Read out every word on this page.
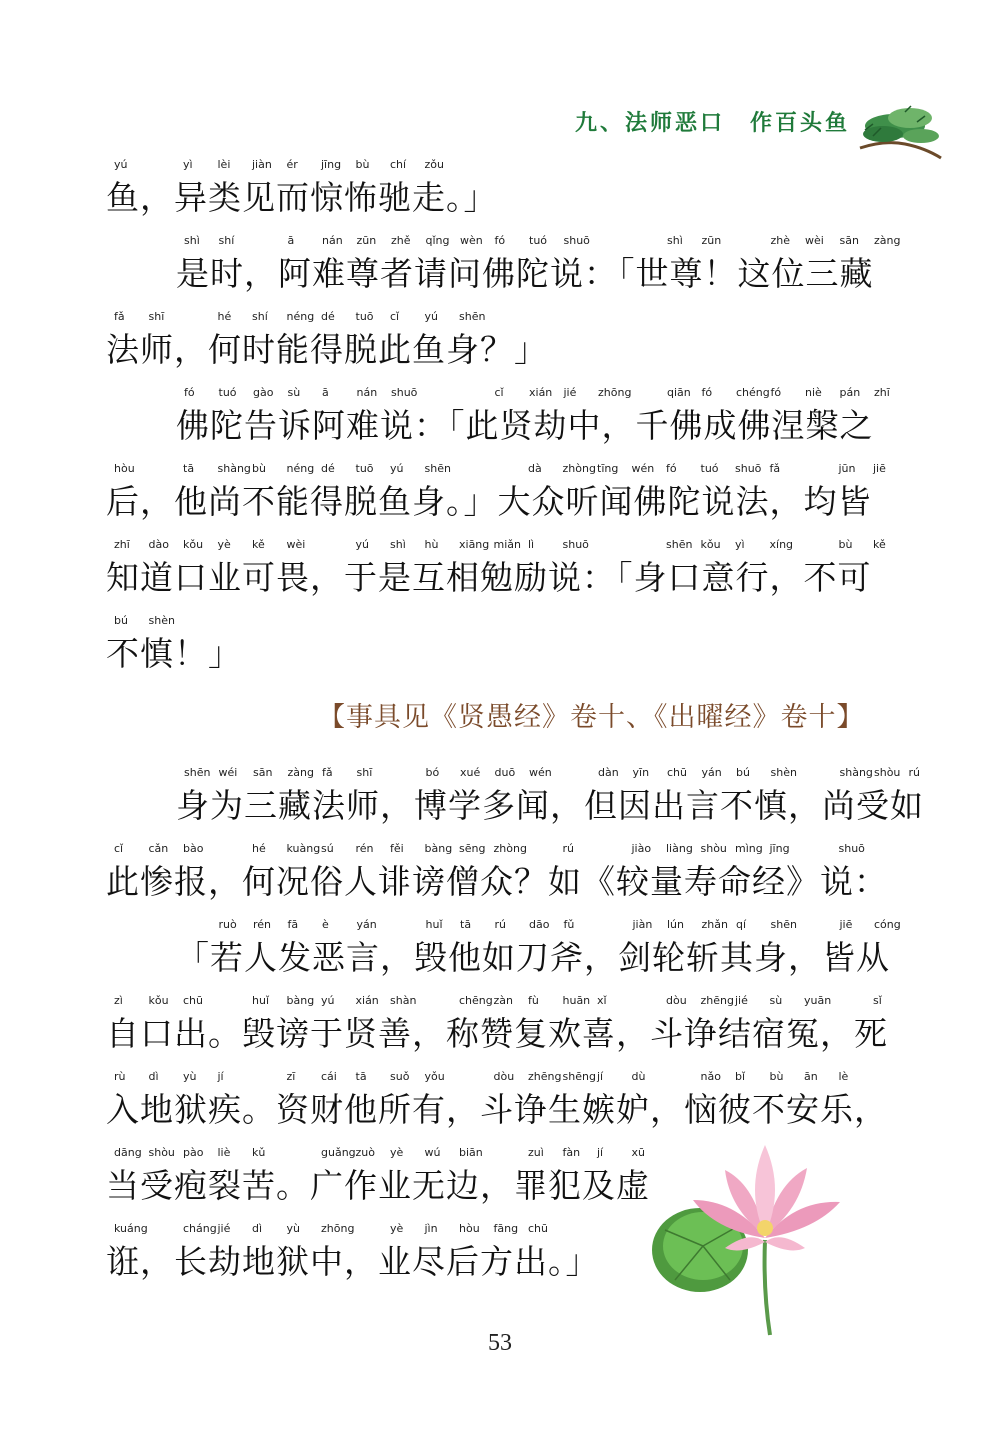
九、法师恶口　作百头鱼
鱼，异类见而惊怖驰走。」
yú	yì lèi jiàn ér jīng bù chí zǒu
是时，阿难尊者请问佛陀说：「世尊！这位三藏
shì shí	ā	nán zūn zhě qǐng wèn fó tuó shuō	shì zūn	zhè wèi sān zàng
法师，何时能得脱此鱼身？」
fǎ shī	hé shí néng dé tuō cǐ yú shēn
佛陀告诉阿难说：「此贤劫中，千佛成佛涅槃之
fó tuó gào sù ā	nán shuō	cǐ xián jié zhōng	qiān fó chéng fó niè pán zhī
后，他尚不能得脱鱼身。」大众听闻佛陀说法，均皆
hòu	tā shàng bù néng dé tuō yú shēn	dà zhòng tīng wén fó tuó shuō fǎ	jūn jiē
知道口业可畏，于是互相勉励说：「身口意行，不可
zhī dào kǒu yè kě wèi	yú shì hù xiāng miǎn lì	shuō	shēn kǒu yì xíng	bù kě
不慎！」
bú shèn
身为三藏法师，博学多闻，但因出言不慎，尚受如
shēn wéi sān zàng fǎ shī	bó xué duō wén	dàn yīn chū yán bú shèn	shàng shòu rú
此惨报，何况俗人诽谤僧众？如《较量寿命经》说：
cǐ cǎn bào	hé kuàng sú rén fěi bàng sēng zhòng	rú	jiào liàng shòu mìng jīng	shuō
「若人发恶言，毁他如刀斧，剑轮斩其身，皆从
ruò rén fā è	yán	huǐ tā rú dāo fǔ	jiàn lún zhǎn qí shēn	jiē cóng
自口出。毁谤于贤善，称赞复欢喜，斗诤结宿冤，死
zì kǒu chū	huǐ bàng yú xián shàn	chēng zàn fù huān xǐ	dòu zhēng jié sù yuān	sǐ
入地狱疾。资财他所有，斗诤生嫉妒，恼彼不安乐，
rù dì yù jí	zī cái tā suǒ yǒu	dòu zhēng shēng jí	dù	nǎo bǐ bù ān lè
当受疱裂苦。广作业无边，罪犯及虚
dāng shòu pào liè kǔ	guǎng zuò yè wú biān	zuì fàn jí	xū
诳，长劫地狱中，业尽后方出。」
kuáng	cháng jié dì yù zhōng	yè jìn hòu fāng chū
【事具见《贤愚经》卷十、《出曜经》卷十】
53
